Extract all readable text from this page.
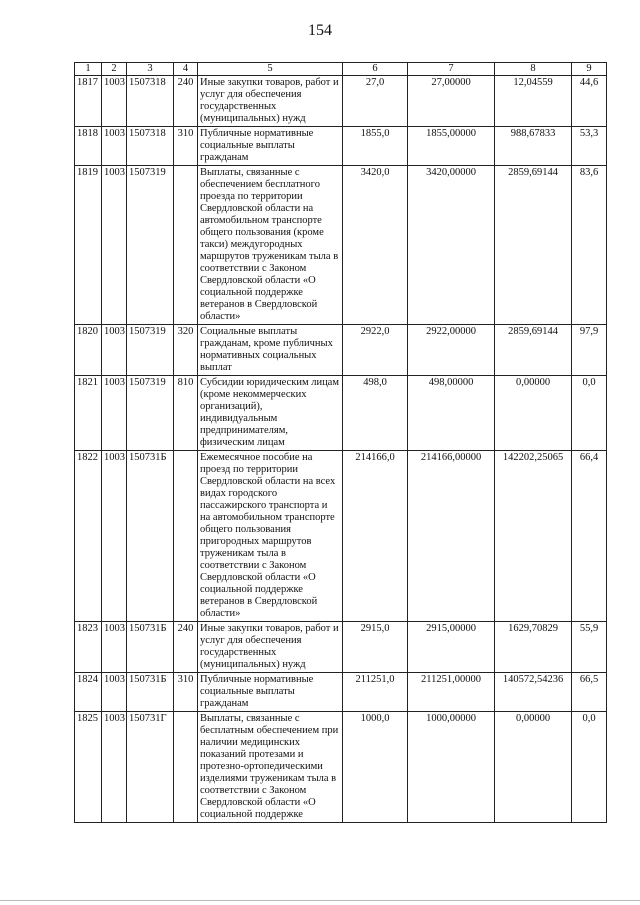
154
1	2	3	4	5	6	7	8	9
1817	1003	1507318	240	Иные закупки товаров, работ и услуг для обеспечения государственных (муниципальных) нужд	27,0	27,00000	12,04559	44,6
1818	1003	1507318	310	Публичные нормативные социальные выплаты гражданам	1855,0	1855,00000	988,67833	53,3
1819	1003	1507319		Выплаты, связанные с обеспечением бесплатного проезда по территории Свердловской области на автомобильном транспорте общего пользования (кроме такси) междугородных маршрутов труженикам тыла в соответствии с Законом Свердловской области «О социальной поддержке ветеранов в Свердловской области»	3420,0	3420,00000	2859,69144	83,6
1820	1003	1507319	320	Социальные выплаты гражданам, кроме публичных нормативных социальных выплат	2922,0	2922,00000	2859,69144	97,9
1821	1003	1507319	810	Субсидии юридическим лицам (кроме некоммерческих организаций), индивидуальным предпринимателям, физическим лицам	498,0	498,00000	0,00000	0,0
1822	1003	150731Б		Ежемесячное пособие на проезд по территории Свердловской области на всех видах городского пассажирского транспорта и на автомобильном транспорте общего пользования пригородных маршрутов труженикам тыла в соответствии с Законом Свердловской области «О социальной поддержке ветеранов в Свердловской области»	214166,0	214166,00000	142202,25065	66,4
1823	1003	150731Б	240	Иные закупки товаров, работ и услуг для обеспечения государственных (муниципальных) нужд	2915,0	2915,00000	1629,70829	55,9
1824	1003	150731Б	310	Публичные нормативные социальные выплаты гражданам	211251,0	211251,00000	140572,54236	66,5
1825	1003	150731Г		Выплаты, связанные с бесплатным обеспечением при наличии медицинских показаний протезами и протезно-ортопедическими изделиями труженикам тыла в соответствии с Законом Свердловской области «О социальной поддержке	1000,0	1000,00000	0,00000	0,0
